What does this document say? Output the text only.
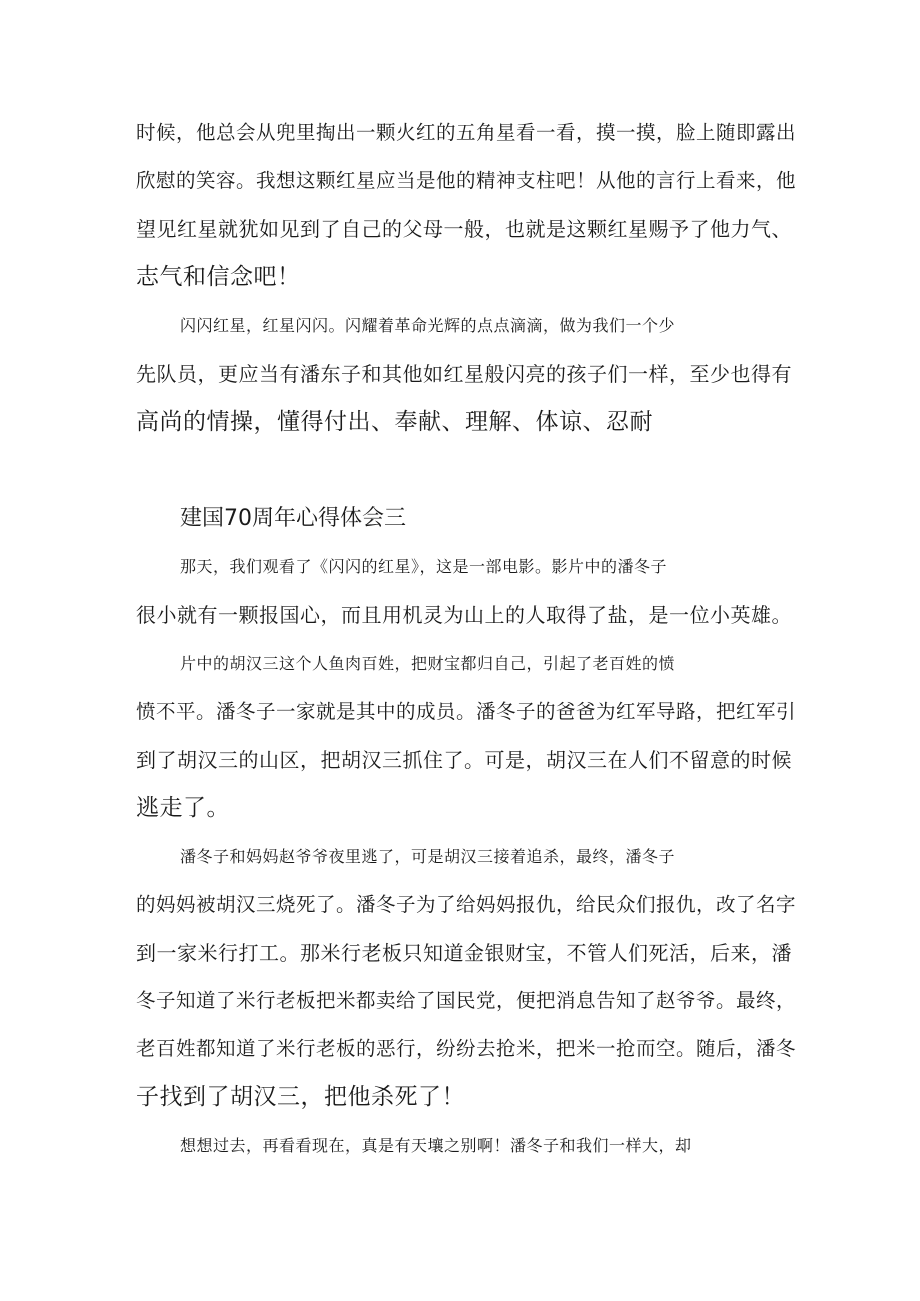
时候，他总会从兜里掏出一颗火红的五角星看一看，摸一摸，脸上随即露出
欣慰的笑容。我想这颗红星应当是他的精神支柱吧！从他的言行上看来，他
望见红星就犹如见到了自己的父母一般，也就是这颗红星赐予了他力气、
志气和信念吧！
闪闪红星，红星闪闪。闪耀着革命光辉的点点滴滴，做为我们一个少
先队员，更应当有潘东子和其他如红星般闪亮的孩子们一样，至少也得有
高尚的情操，懂得付出、奉献、理解、体谅、忍耐
建国70周年心得体会三
那天，我们观看了《闪闪的红星》，这是一部电影。影片中的潘冬子
很小就有一颗报国心，而且用机灵为山上的人取得了盐，是一位小英雄。
片中的胡汉三这个人鱼肉百姓，把财宝都归自己，引起了老百姓的愤
愤不平。潘冬子一家就是其中的成员。潘冬子的爸爸为红军导路，把红军引
到了胡汉三的山区，把胡汉三抓住了。可是，胡汉三在人们不留意的时候
逃走了。
潘冬子和妈妈赵爷爷夜里逃了，可是胡汉三接着追杀，最终，潘冬子
的妈妈被胡汉三烧死了。潘冬子为了给妈妈报仇，给民众们报仇，改了名字
到一家米行打工。那米行老板只知道金银财宝，不管人们死活，后来，潘
冬子知道了米行老板把米都卖给了国民党，便把消息告知了赵爷爷。最终，
老百姓都知道了米行老板的恶行，纷纷去抢米，把米一抢而空。随后，潘冬
子找到了胡汉三，把他杀死了！
想想过去，再看看现在，真是有天壤之别啊！潘冬子和我们一样大，却
